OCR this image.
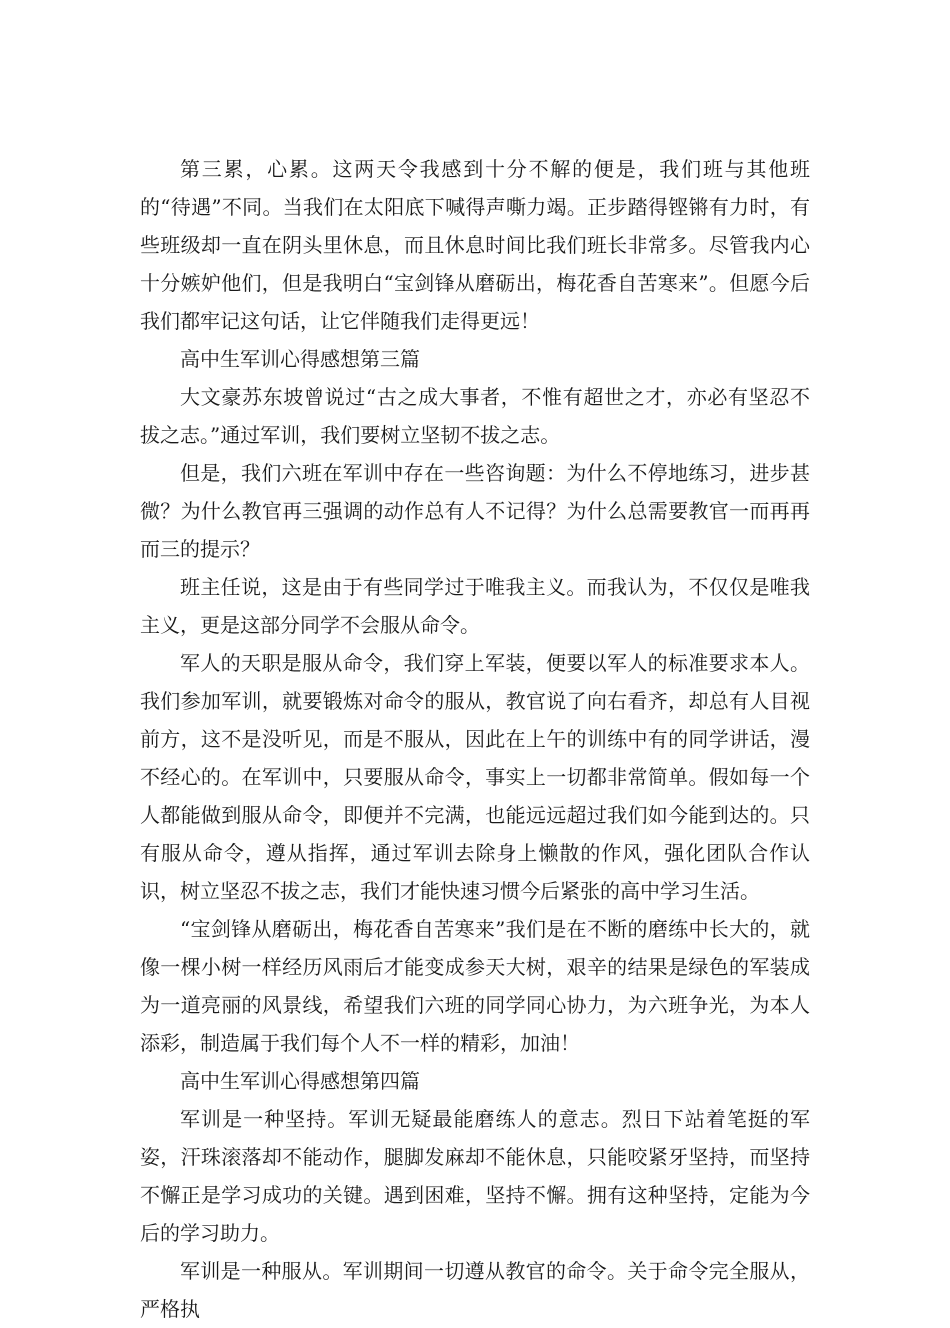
第三累，心累。这两天令我感到十分不解的便是，我们班与其他班的“待遇”不同。当我们在太阳底下喊得声嘶力竭。正步踏得铿锵有力时，有些班级却一直在阴头里休息，而且休息时间比我们班长非常多。尽管我内心十分嫉妒他们，但是我明白“宝剑锋从磨砺出，梅花香自苦寒来”。但愿今后我们都牢记这句话，让它伴随我们走得更远！

高中生军训心得感想第三篇

大文豪苏东坡曾说过“古之成大事者，不惟有超世之才，亦必有坚忍不拔之志。”通过军训，我们要树立坚韧不拔之志。

但是，我们六班在军训中存在一些咨询题：为什么不停地练习，进步甚微？为什么教官再三强调的动作总有人不记得？为什么总需要教官一而再再而三的提示？

班主任说，这是由于有些同学过于唯我主义。而我认为，不仅仅是唯我主义，更是这部分同学不会服从命令。

军人的天职是服从命令，我们穿上军装，便要以军人的标准要求本人。我们参加军训，就要锻炼对命令的服从，教官说了向右看齐，却总有人目视前方，这不是没听见，而是不服从，因此在上午的训练中有的同学讲话，漫不经心的。在军训中，只要服从命令，事实上一切都非常简单。假如每一个人都能做到服从命令，即便并不完满，也能远远超过我们如今能到达的。只有服从命令，遵从指挥，通过军训去除身上懒散的作风，强化团队合作认识，树立坚忍不拔之志，我们才能快速习惯今后紧张的高中学习生活。

“宝剑锋从磨砺出，梅花香自苦寒来”我们是在不断的磨练中长大的，就像一棵小树一样经历风雨后才能变成参天大树，艰辛的结果是绿色的军装成为一道亮丽的风景线，希望我们六班的同学同心协力，为六班争光，为本人添彩，制造属于我们每个人不一样的精彩，加油！

高中生军训心得感想第四篇

军训是一种坚持。军训无疑最能磨练人的意志。烈日下站着笔挺的军姿，汗珠滚落却不能动作，腿脚发麻却不能休息，只能咬紧牙坚持，而坚持不懈正是学习成功的关键。遇到困难，坚持不懈。拥有这种坚持，定能为今后的学习助力。

军训是一种服从。军训期间一切遵从教官的命令。关于命令完全服从，严格执
